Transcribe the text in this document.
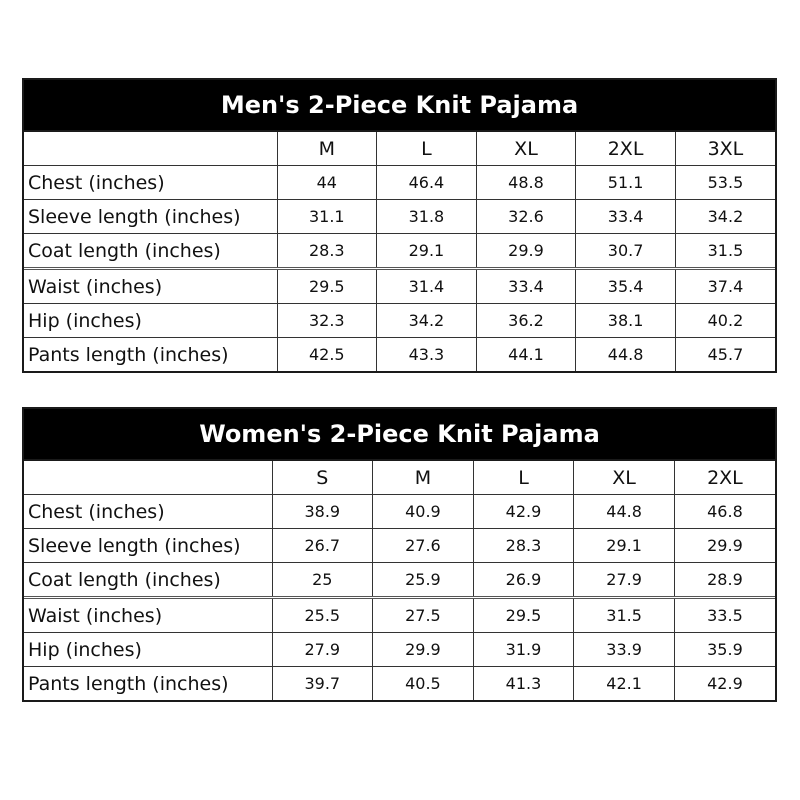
Men's 2-Piece Knit Pajama
	M	L	XL	2XL	3XL
Chest (inches)	44	46.4	48.8	51.1	53.5
Sleeve length (inches)	31.1	31.8	32.6	33.4	34.2
Coat length (inches)	28.3	29.1	29.9	30.7	31.5
Waist (inches)	29.5	31.4	33.4	35.4	37.4
Hip (inches)	32.3	34.2	36.2	38.1	40.2
Pants length (inches)	42.5	43.3	44.1	44.8	45.7
Women's 2-Piece Knit Pajama
	S	M	L	XL	2XL
Chest (inches)	38.9	40.9	42.9	44.8	46.8
Sleeve length (inches)	26.7	27.6	28.3	29.1	29.9
Coat length (inches)	25	25.9	26.9	27.9	28.9
Waist (inches)	25.5	27.5	29.5	31.5	33.5
Hip (inches)	27.9	29.9	31.9	33.9	35.9
Pants length (inches)	39.7	40.5	41.3	42.1	42.9
